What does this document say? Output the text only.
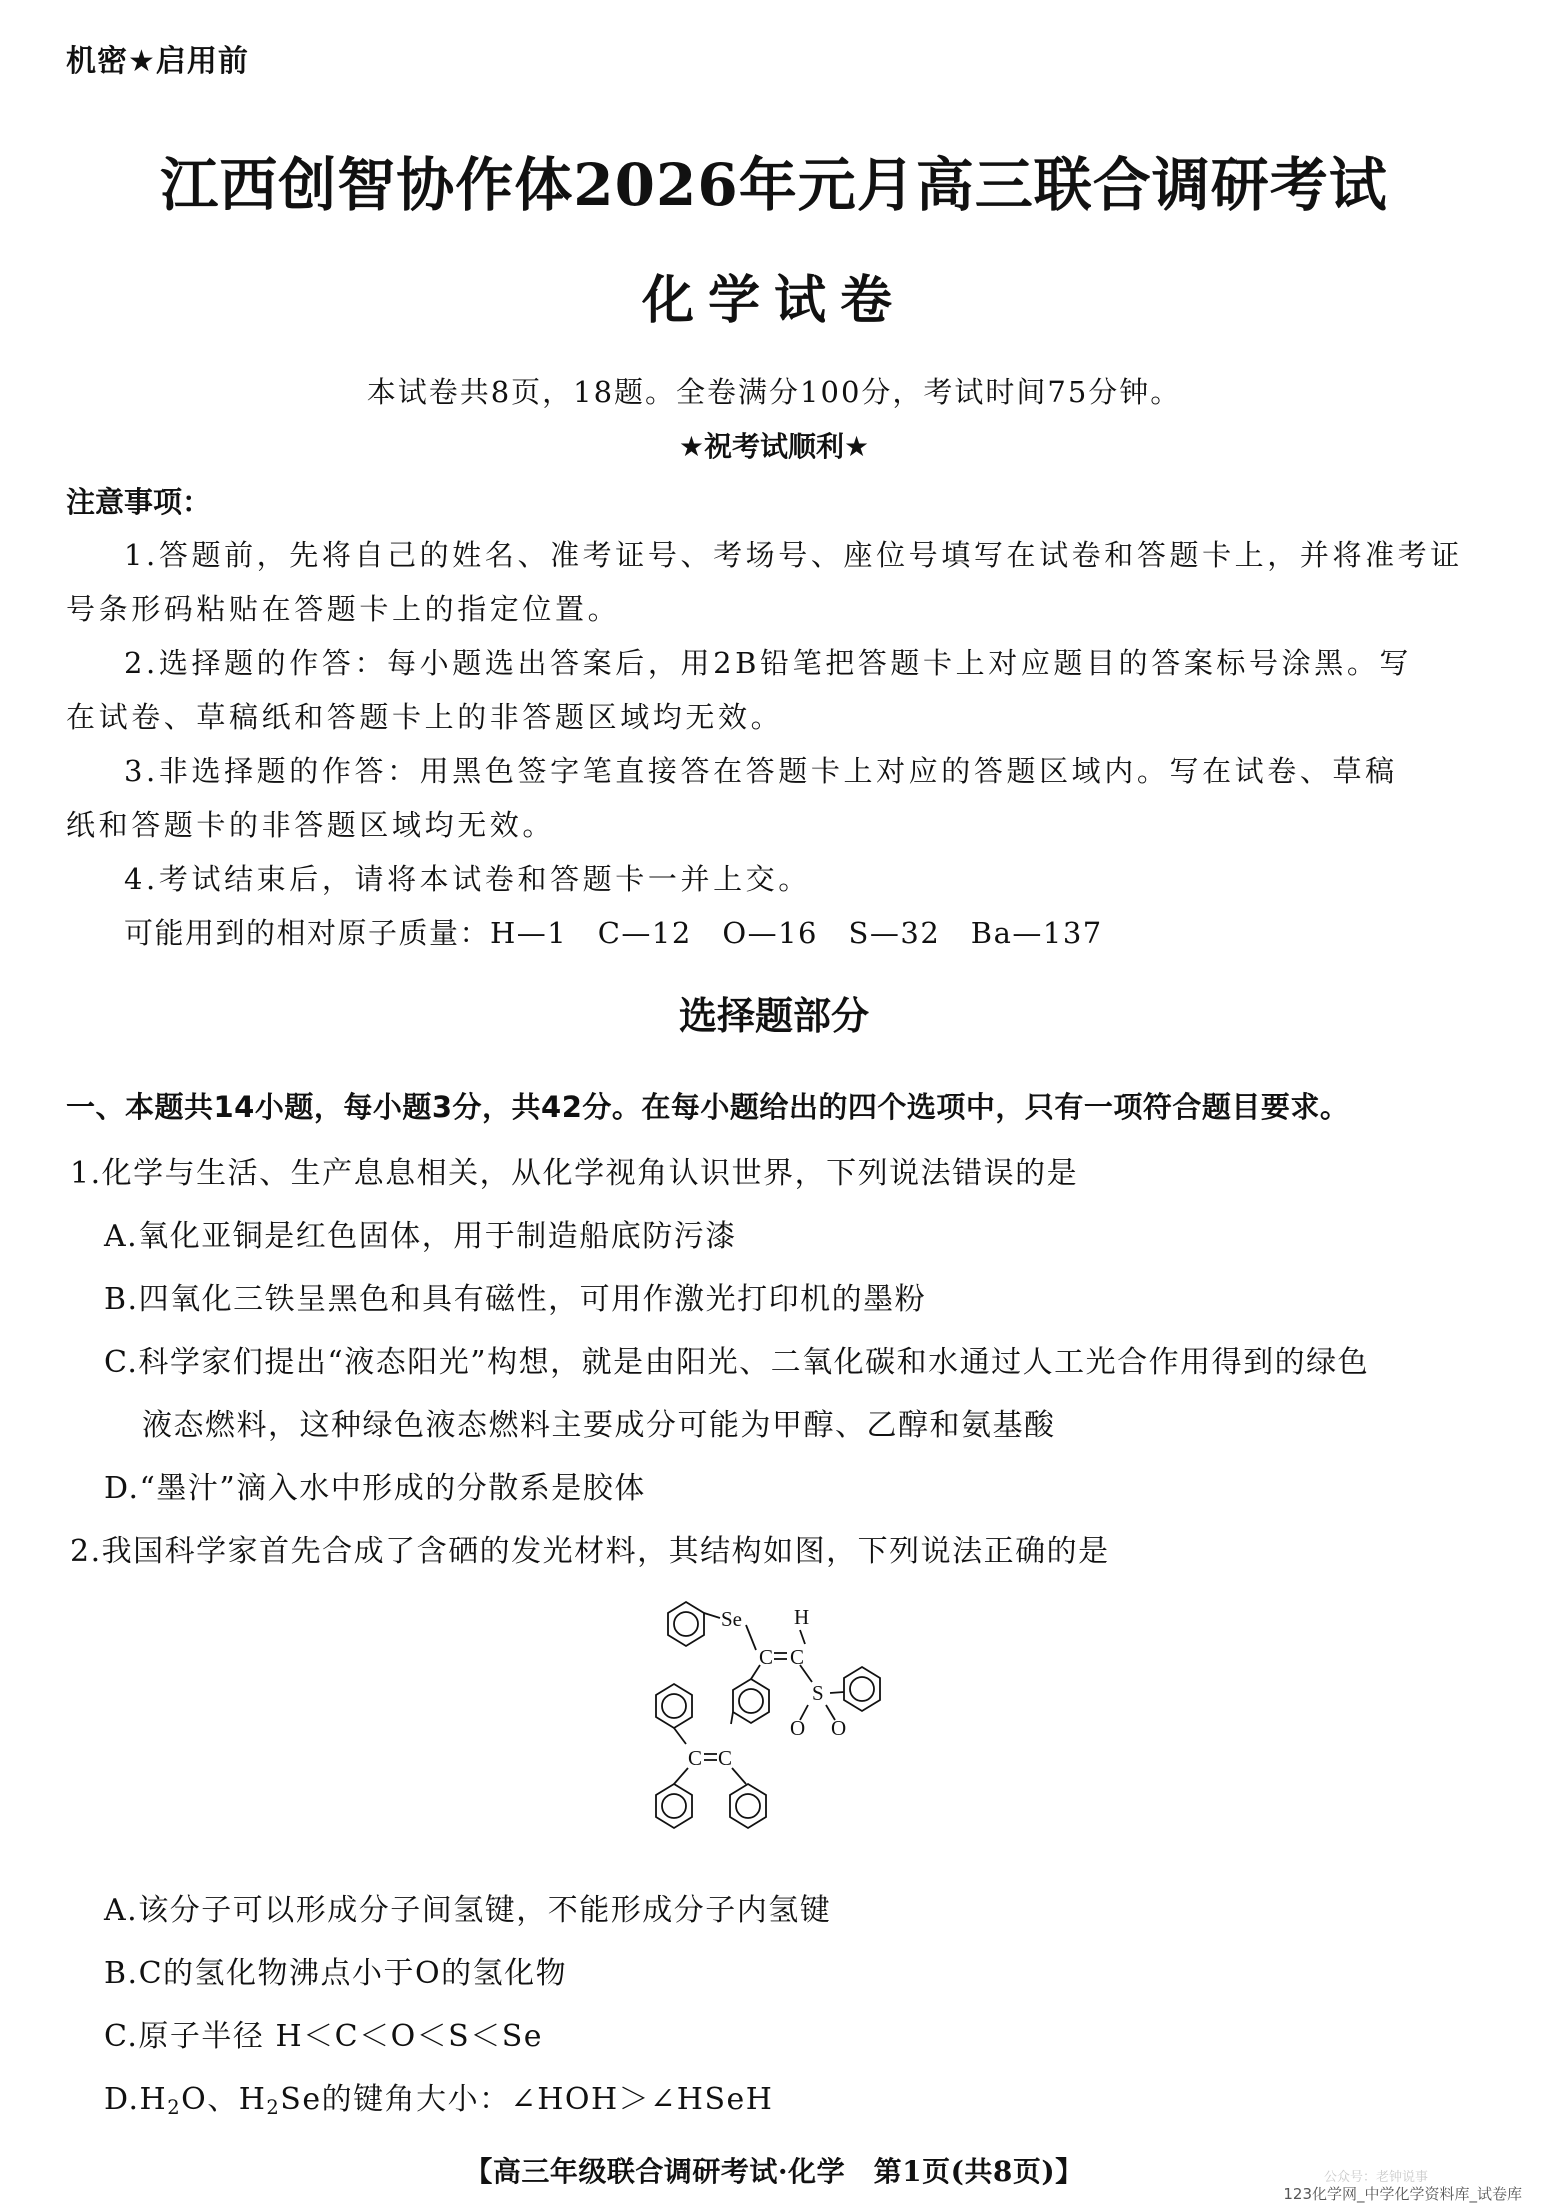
机密★启用前
江西创智协作体2026年元月高三联合调研考试
化学试卷
本试卷共8页，18题。全卷满分100分，考试时间75分钟。
★祝考试顺利★
注意事项：
1.答题前，先将自己的姓名、准考证号、考场号、座位号填写在试卷和答题卡上，并将准考证
号条形码粘贴在答题卡上的指定位置。
2.选择题的作答：每小题选出答案后，用2B铅笔把答题卡上对应题目的答案标号涂黑。写
在试卷、草稿纸和答题卡上的非答题区域均无效。
3.非选择题的作答：用黑色签字笔直接答在答题卡上对应的答题区域内。写在试卷、草稿
纸和答题卡的非答题区域均无效。
4.考试结束后，请将本试卷和答题卡一并上交。
可能用到的相对原子质量：H—1　C—12　O—16　S—32　Ba—137
选择题部分
一、本题共14小题，每小题3分，共42分。在每小题给出的四个选项中，只有一项符合题目要求。
1.化学与生活、生产息息相关，从化学视角认识世界，下列说法错误的是
A.氧化亚铜是红色固体，用于制造船底防污漆
B.四氧化三铁呈黑色和具有磁性，可用作激光打印机的墨粉
C.科学家们提出“液态阳光”构想，就是由阳光、二氧化碳和水通过人工光合作用得到的绿色
液态燃料，这种绿色液态燃料主要成分可能为甲醇、乙醇和氨基酸
D.“墨汁”滴入水中形成的分散系是胶体
2.我国科学家首先合成了含硒的发光材料，其结构如图，下列说法正确的是
Se H
C C
S
O O
C C
A.该分子可以形成分子间氢键，不能形成分子内氢键
B.C的氢化物沸点小于O的氢化物
C.原子半径 H＜C＜O＜S＜Se
$D.H_2O$、$H_2Se$的键角大小：∠HOH＞∠HSeH
【高三年级联合调研考试·化学　第1页(共8页)】	公众号：老钟说事
123化学网_中学化学资料库_试卷库
